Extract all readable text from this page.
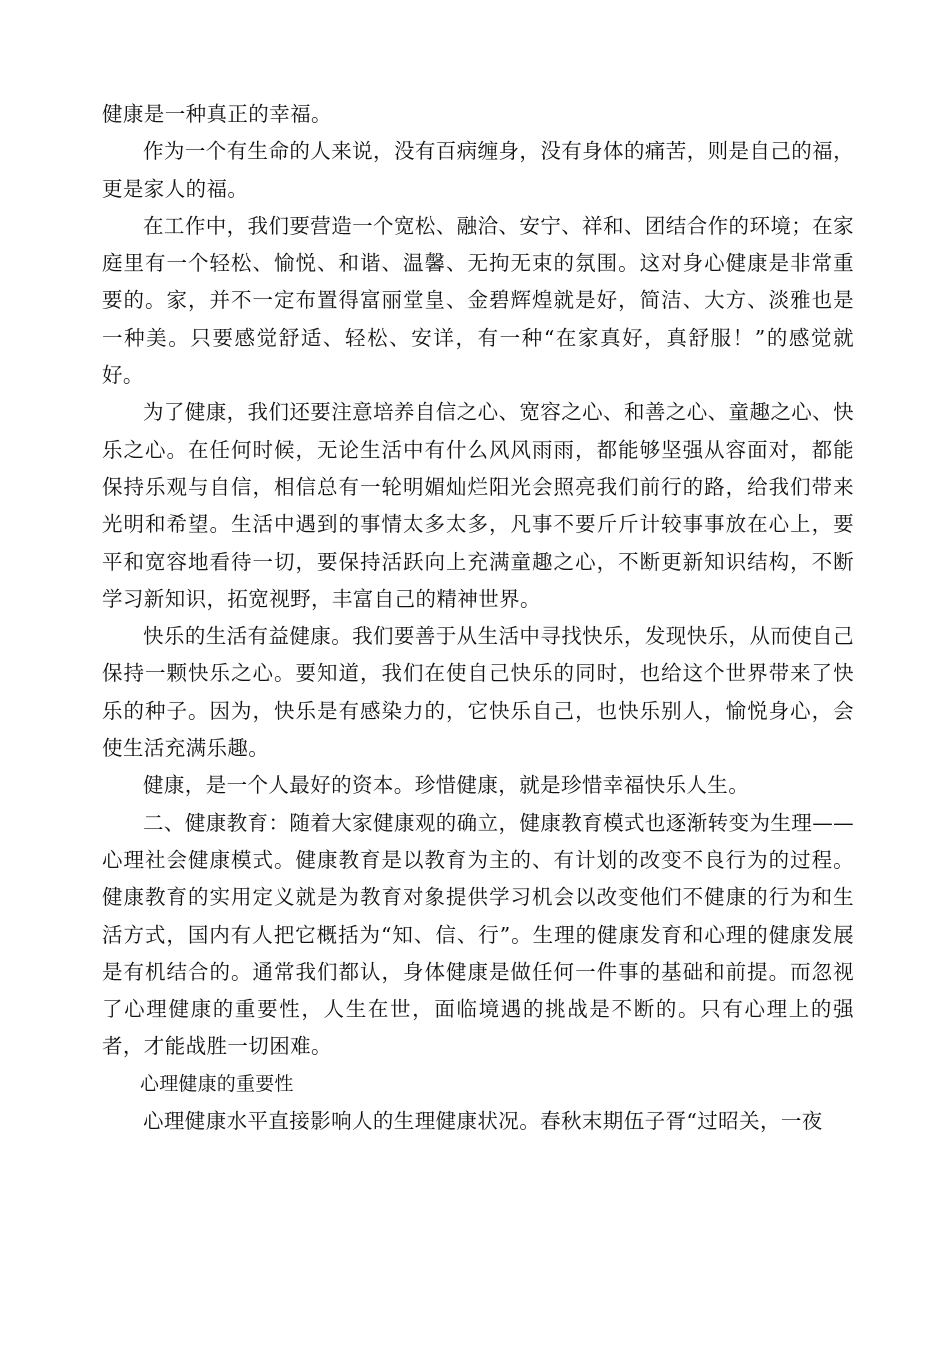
健康是一种真正的幸福。

作为一个有生命的人来说，没有百病缠身，没有身体的痛苦，则是自己的福，更是家人的福。

在工作中，我们要营造一个宽松、融洽、安宁、祥和、团结合作的环境；在家庭里有一个轻松、愉悦、和谐、温馨、无拘无束的氛围。这对身心健康是非常重要的。家，并不一定布置得富丽堂皇、金碧辉煌就是好，简洁、大方、淡雅也是一种美。只要感觉舒适、轻松、安详，有一种“在家真好，真舒服！”的感觉就好。

为了健康，我们还要注意培养自信之心、宽容之心、和善之心、童趣之心、快乐之心。在任何时候，无论生活中有什么风风雨雨，都能够坚强从容面对，都能保持乐观与自信，相信总有一轮明媚灿烂阳光会照亮我们前行的路，给我们带来光明和希望。生活中遇到的事情太多太多，凡事不要斤斤计较事事放在心上，要平和宽容地看待一切，要保持活跃向上充满童趣之心，不断更新知识结构，不断学习新知识，拓宽视野，丰富自己的精神世界。

快乐的生活有益健康。我们要善于从生活中寻找快乐，发现快乐，从而使自己保持一颗快乐之心。要知道，我们在使自己快乐的同时，也给这个世界带来了快乐的种子。因为，快乐是有感染力的，它快乐自己，也快乐别人，愉悦身心，会使生活充满乐趣。

健康，是一个人最好的资本。珍惜健康，就是珍惜幸福快乐人生。

二、健康教育：随着大家健康观的确立，健康教育模式也逐渐转变为生理——心理社会健康模式。健康教育是以教育为主的、有计划的改变不良行为的过程。健康教育的实用定义就是为教育对象提供学习机会以改变他们不健康的行为和生活方式，国内有人把它概括为“知、信、行”。生理的健康发育和心理的健康发展是有机结合的。通常我们都认，身体健康是做任何一件事的基础和前提。而忽视了心理健康的重要性，人生在世，面临境遇的挑战是不断的。只有心理上的强者，才能战胜一切困难。

心理健康的重要性

心理健康水平直接影响人的生理健康状况。春秋末期伍子胥“过昭关，一夜
